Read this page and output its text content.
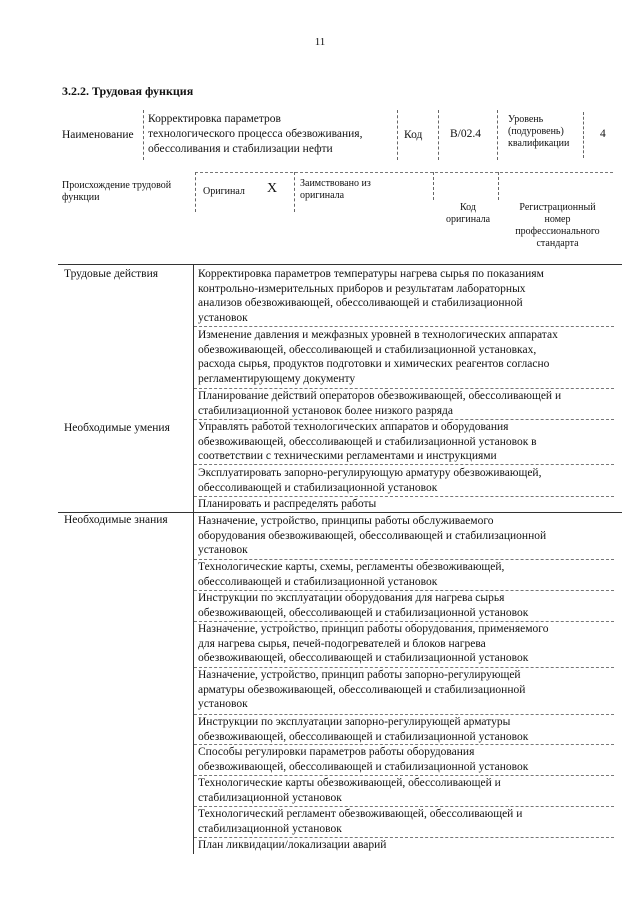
11
3.2.2. Трудовая функция
Наименование
Корректировка параметров
технологического процесса обезвоживания,
обессоливания и стабилизации нефти
Код B/02.4
Уровень
(подуровень)
квалификации
4
Происхождение трудовой
функции
Оригинал X Заимствовано из
оригинала
Код
оригинала
Регистрационный
номер
профессионального
стандарта
Трудовые действия
Необходимые умения
Необходимые знания
Корректировка параметров температуры нагрева сырья по показаниям
контрольно-измерительных приборов и результатам лабораторных
анализов обезвоживающей, обессоливающей и стабилизационной
установок
Изменение давления и межфазных уровней в технологических аппаратах
обезвоживающей, обессоливающей и стабилизационной установках,
расхода сырья, продуктов подготовки и химических реагентов согласно
регламентирующему документу
Планирование действий операторов обезвоживающей, обессоливающей и
стабилизационной установок более низкого разряда
Управлять работой технологических аппаратов и оборудования
обезвоживающей, обессоливающей и стабилизационной установок в
соответствии с техническими регламентами и инструкциями
Эксплуатировать запорно-регулирующую арматуру обезвоживающей,
обессоливающей и стабилизационной установок
Планировать и распределять работы
Назначение, устройство, принципы работы обслуживаемого
оборудования обезвоживающей, обессоливающей и стабилизационной
установок
Технологические карты, схемы, регламенты обезвоживающей,
обессоливающей и стабилизационной установок
Инструкции по эксплуатации оборудования для нагрева сырья
обезвоживающей, обессоливающей и стабилизационной установок
Назначение, устройство, принцип работы оборудования, применяемого
для нагрева сырья, печей-подогревателей и блоков нагрева
обезвоживающей, обессоливающей и стабилизационной установок
Назначение, устройство, принцип работы запорно-регулирующей
арматуры обезвоживающей, обессоливающей и стабилизационной
установок
Инструкции по эксплуатации запорно-регулирующей арматуры
обезвоживающей, обессоливающей и стабилизационной установок
Способы регулировки параметров работы оборудования
обезвоживающей, обессоливающей и стабилизационной установок
Технологические карты обезвоживающей, обессоливающей и
стабилизационной установок
Технологический регламент обезвоживающей, обессоливающей и
стабилизационной установок
План ликвидации/локализации аварий
